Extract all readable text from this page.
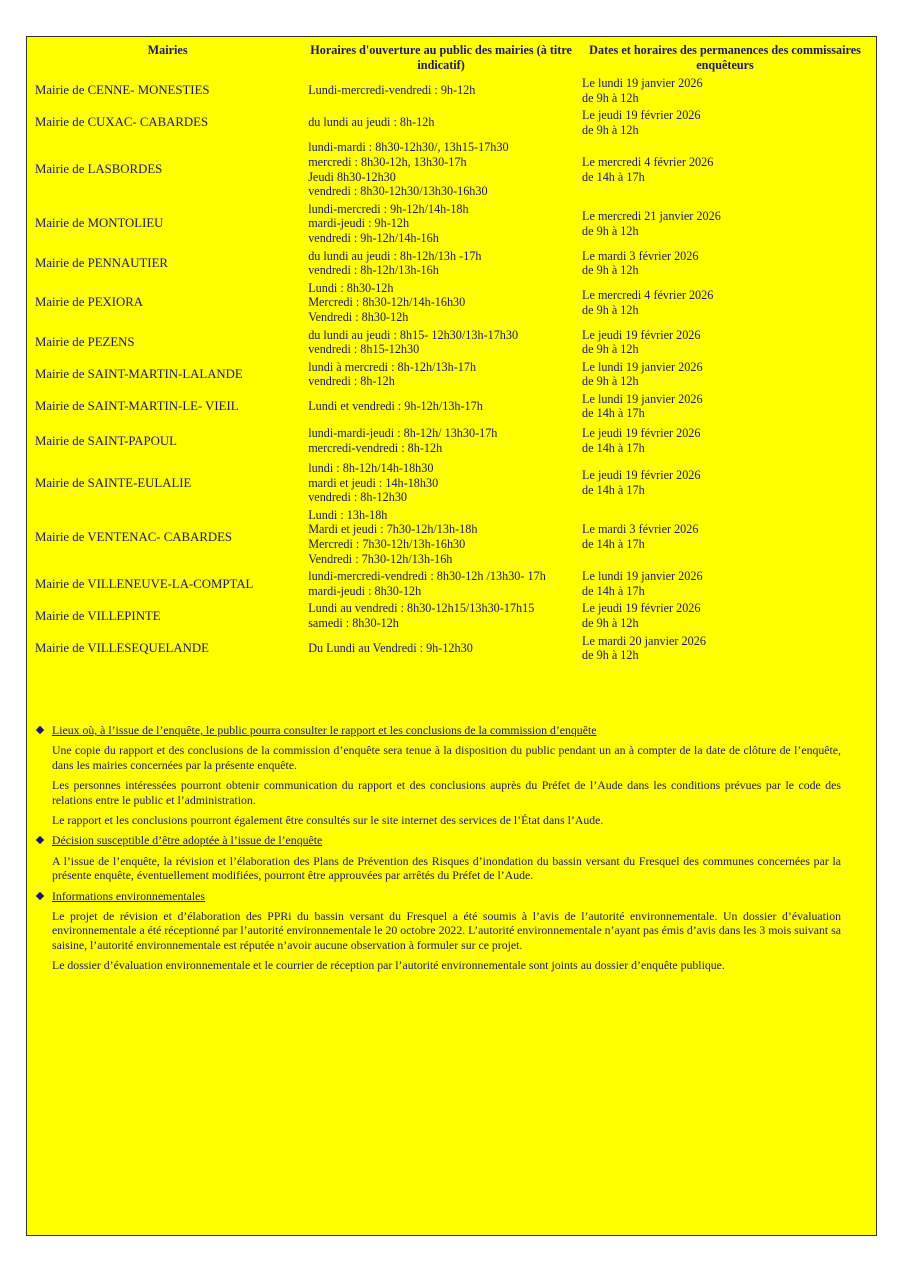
Mairies	Horaires d'ouverture au public des mairies (à titre indicatif)	Dates et horaires des permanences des commissaires enquêteurs
Mairie de CENNE- MONESTIES	Lundi-mercredi-vendredi : 9h-12h	Le lundi 19 janvier 2026
de 9h à 12h

Mairie de CUXAC- CABARDES	du lundi au jeudi : 8h-12h	Le jeudi 19 février 2026
de 9h à 12h

Mairie de LASBORDES	lundi-mardi : 8h30-12h30/, 13h15-17h30
mercredi : 8h30-12h, 13h30-17h
Jeudi 8h30-12h30
vendredi : 8h30-12h30/13h30-16h30	Le mercredi 4 février 2026
de 14h à 17h

Mairie de MONTOLIEU	lundi-mercredi : 9h-12h/14h-18h
mardi-jeudi : 9h-12h
vendredi : 9h-12h/14h-16h	Le mercredi 21 janvier 2026
de 9h à 12h

Mairie de PENNAUTIER	du lundi au jeudi : 8h-12h/13h -17h
vendredi : 8h-12h/13h-16h	Le mardi 3 février 2026
de 9h à 12h

Mairie de PEXIORA	Lundi : 8h30-12h
Mercredi : 8h30-12h/14h-16h30
Vendredi : 8h30-12h	Le mercredi 4 février 2026
de 9h à 12h

Mairie de PEZENS	du lundi au jeudi : 8h15- 12h30/13h-17h30
vendredi : 8h15-12h30	Le jeudi 19 février 2026
de 9h à 12h

Mairie de SAINT-MARTIN-LALANDE	lundi à mercredi : 8h-12h/13h-17h
vendredi : 8h-12h	Le lundi 19 janvier 2026
de 9h à 12h

Mairie de SAINT-MARTIN-LE- VIEIL	Lundi et vendredi : 9h-12h/13h-17h	Le lundi 19 janvier 2026
de 14h à 17h

Mairie de SAINT-PAPOUL	lundi-mardi-jeudi : 8h-12h/ 13h30-17h
mercredi-vendredi : 8h-12h	Le jeudi 19 février 2026
de 14h à 17h

Mairie de SAINTE-EULALIE	lundi : 8h-12h/14h-18h30
mardi et jeudi : 14h-18h30
vendredi : 8h-12h30	Le jeudi 19 février 2026
de 14h à 17h

Mairie de VENTENAC- CABARDES	Lundi : 13h-18h
Mardi et jeudi : 7h30-12h/13h-18h
Mercredi : 7h30-12h/13h-16h30
Vendredi : 7h30-12h/13h-16h	Le mardi 3 février 2026
de 14h à 17h

Mairie de VILLENEUVE-LA-COMPTAL	lundi-mercredi-vendredi : 8h30-12h /13h30- 17h
mardi-jeudi : 8h30-12h	Le lundi 19 janvier 2026
de 14h à 17h

Mairie de VILLEPINTE	Lundi au vendredi : 8h30-12h15/13h30-17h15
samedi : 8h30-12h	Le jeudi 19 février 2026
de 9h à 12h

Mairie de VILLESEQUELANDE	Du Lundi au Vendredi : 9h-12h30	Le mardi 20 janvier 2026
de 9h à 12h
Lieux où, à l’issue de l’enquête, le public pourra consulter le rapport et les conclusions de la commission d’enquête
Une copie du rapport et des conclusions de la commission d’enquête sera tenue à la disposition du public pendant un an à compter de la date de clôture de l’enquête, dans les mairies concernées par la présente enquête.
Les personnes intéressées pourront obtenir communication du rapport et des conclusions auprès du Préfet de l’Aude dans les conditions prévues par le code des relations entre le public et l’administration.
Le rapport et les conclusions pourront également être consultés sur le site internet des services de l’État dans l’Aude.
Décision susceptible d’être adoptée à l’issue de l’enquête
A l’issue de l’enquête, la révision et l’élaboration des Plans de Prévention des Risques d’inondation du bassin versant du Fresquel des communes concernées par la présente enquête, éventuellement modifiées, pourront être approuvées par arrêtés du Préfet de l’Aude.
Informations environnementales
Le projet de révision et d’élaboration des PPRi du bassin versant du Fresquel a été soumis à l’avis de l’autorité environnementale. Un dossier d’évaluation environnementale a été réceptionné par l’autorité environnementale le 20 octobre 2022. L’autorité environnementale n’ayant pas émis d’avis dans les 3 mois suivant sa saisine, l’autorité environnementale est réputée n’avoir aucune observation à formuler sur ce projet.
Le dossier d’évaluation environnementale et le courrier de réception par l’autorité environnementale sont joints au dossier d’enquête publique.
